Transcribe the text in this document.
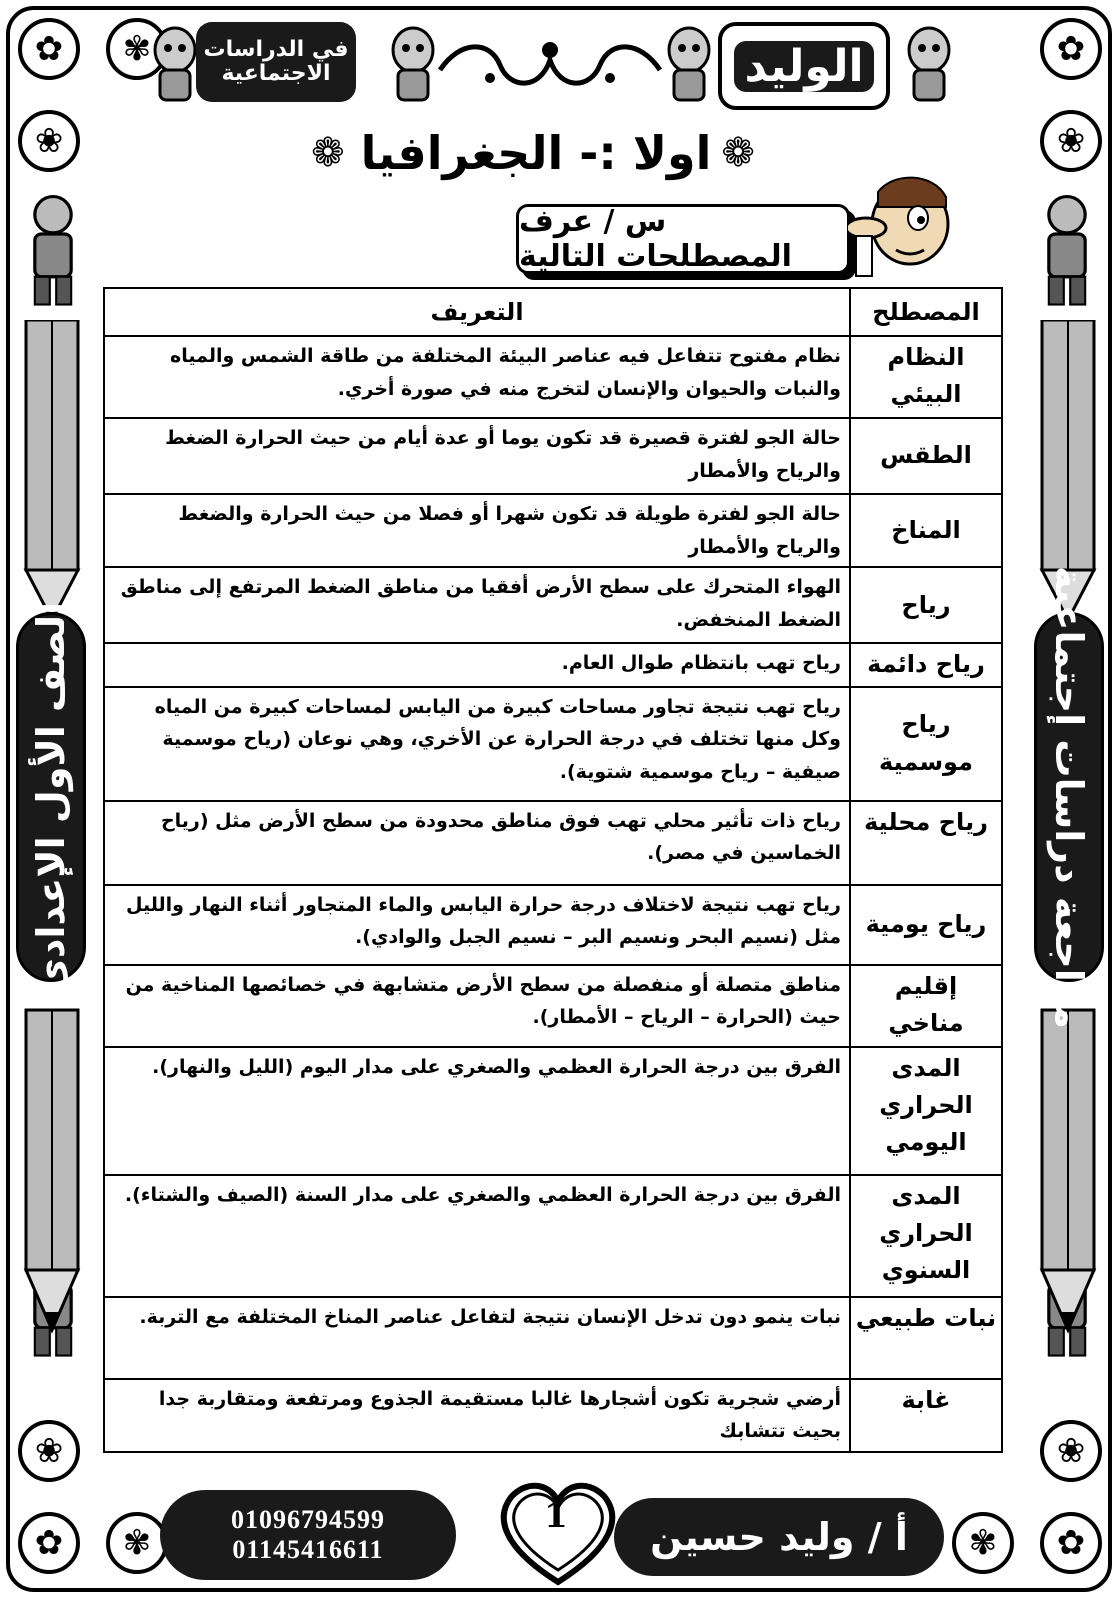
✿	✿
❀	❀
✾
❀	❀
✿	✿
✾	✾
الوليد
في الدراسات الاجتماعية
❁ اولا :- الجغرافيا ❁
س / عرف المصطلحات التالية
الصف الأول الإعدادى	مراجعة دراسات إجتماعية
المصطلح	التعريف
النظام البيئي	نظام مفتوح تتفاعل فيه عناصر البيئة المختلفة من طاقة الشمس والمياه والنبات والحيوان والإنسان لتخرج منه في صورة أخري.
الطقس	حالة الجو لفترة قصيرة قد تكون يوما أو عدة أيام من حيث الحرارة الضغط والرياح والأمطار
المناخ	حالة الجو لفترة طويلة قد تكون شهرا أو فصلا من حيث الحرارة والضغط والرياح والأمطار
رياح	الهواء المتحرك على سطح الأرض أفقيا من مناطق الضغط المرتفع إلى مناطق الضغط المنخفض.
رياح دائمة	رياح تهب بانتظام طوال العام.
رياح موسمية	رياح تهب نتيجة تجاور مساحات كبيرة من اليابس لمساحات كبيرة من المياه وكل منها تختلف في درجة الحرارة عن الأخري، وهي نوعان (رياح موسمية صيفية – رياح موسمية شتوية).
رياح محلية	رياح ذات تأثير محلي تهب فوق مناطق محدودة من سطح الأرض مثل (رياح الخماسين في مصر).
رياح يومية	رياح تهب نتيجة لاختلاف درجة حرارة اليابس والماء المتجاور أثناء النهار والليل مثل (نسيم البحر ونسيم البر – نسيم الجبل والوادي).
إقليم مناخي	مناطق متصلة أو منفصلة من سطح الأرض متشابهة في خصائصها المناخية من حيث (الحرارة – الرياح – الأمطار).
المدى الحراري اليومي	الفرق بين درجة الحرارة العظمي والصغري على مدار اليوم (الليل والنهار).
المدى الحراري السنوي	الفرق بين درجة الحرارة العظمي والصغري على مدار السنة (الصيف والشتاء).
نبات طبيعي	نبات ينمو دون تدخل الإنسان نتيجة لتفاعل عناصر المناخ المختلفة مع التربة.
غابة	أرضي شجرية تكون أشجارها غالبا مستقيمة الجذوع ومرتفعة ومتقاربة جدا بحيث تتشابك
01096794599
01145416611
1	أ / وليد حسين
